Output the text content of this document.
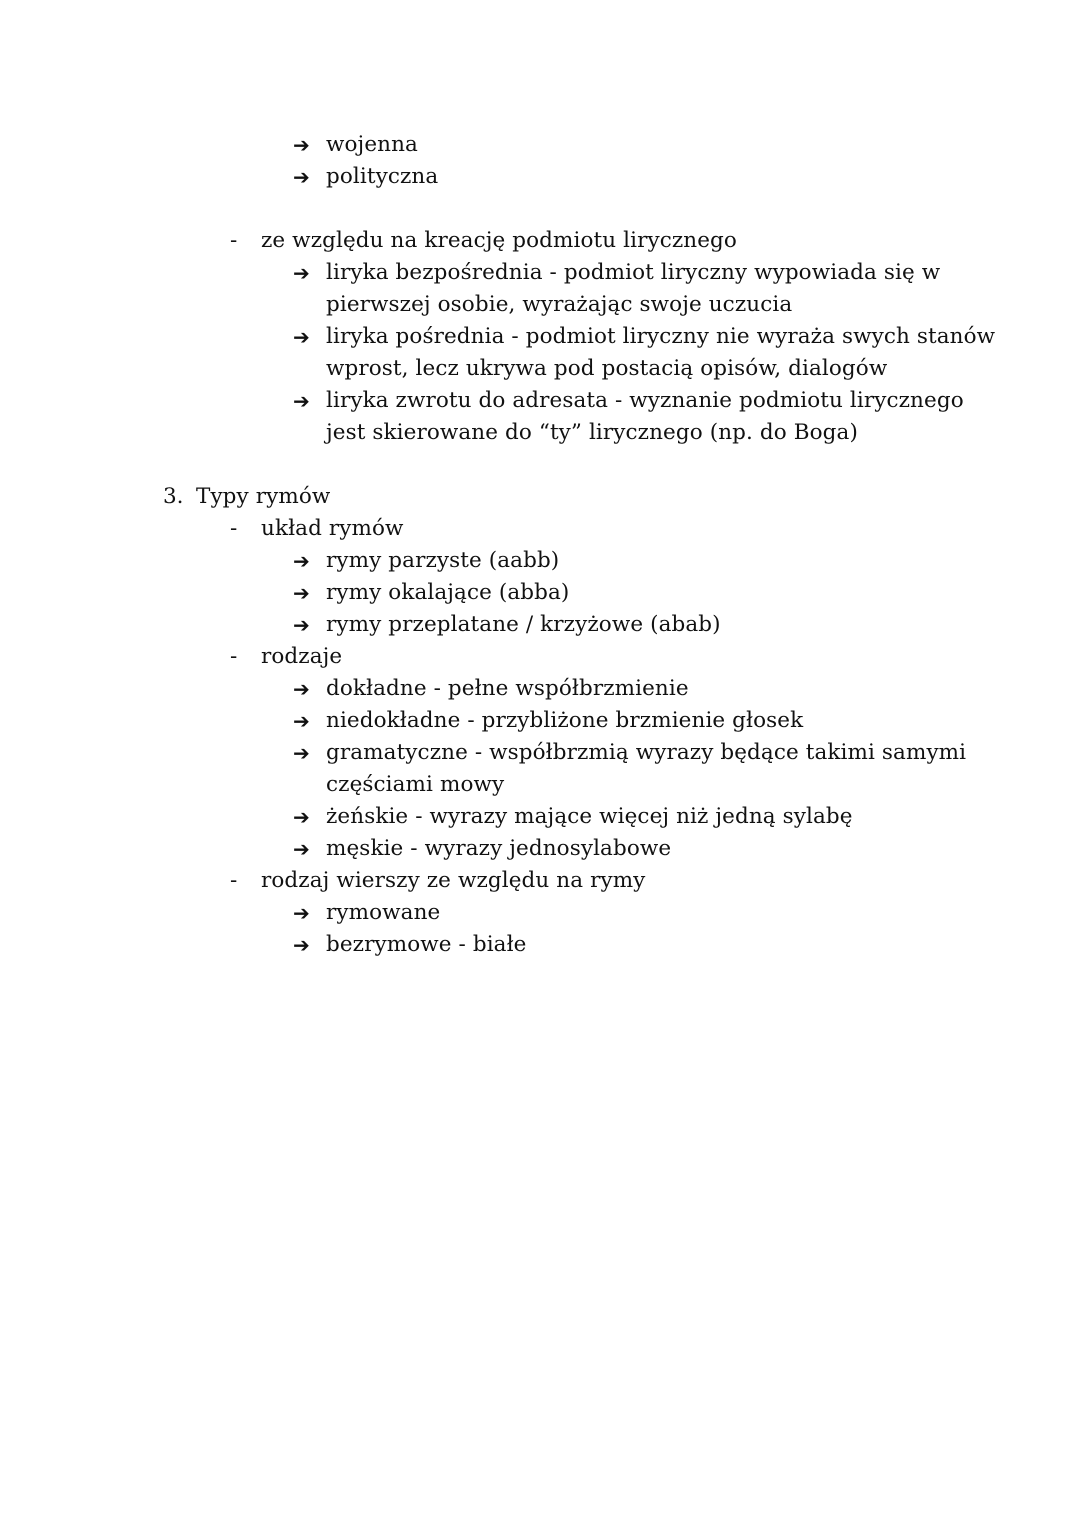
➔ wojenna
➔ polityczna
- ze względu na kreację podmiotu lirycznego
➔ liryka bezpośrednia - podmiot liryczny wypowiada się w
pierwszej osobie, wyrażając swoje uczucia
➔ liryka pośrednia - podmiot liryczny nie wyraża swych stanów
wprost, lecz ukrywa pod postacią opisów, dialogów
➔ liryka zwrotu do adresata - wyznanie podmiotu lirycznego
jest skierowane do “ty” lirycznego (np. do Boga)
3. Typy rymów
- układ rymów
➔ rymy parzyste (aabb)
➔ rymy okalające (abba)
➔ rymy przeplatane / krzyżowe (abab)
- rodzaje
➔ dokładne - pełne współbrzmienie
➔ niedokładne - przybliżone brzmienie głosek
➔ gramatyczne - współbrzmią wyrazy będące takimi samymi
częściami mowy
➔ żeńskie - wyrazy mające więcej niż jedną sylabę
➔ męskie - wyrazy jednosylabowe
- rodzaj wierszy ze względu na rymy
➔ rymowane
➔ bezrymowe - białe
